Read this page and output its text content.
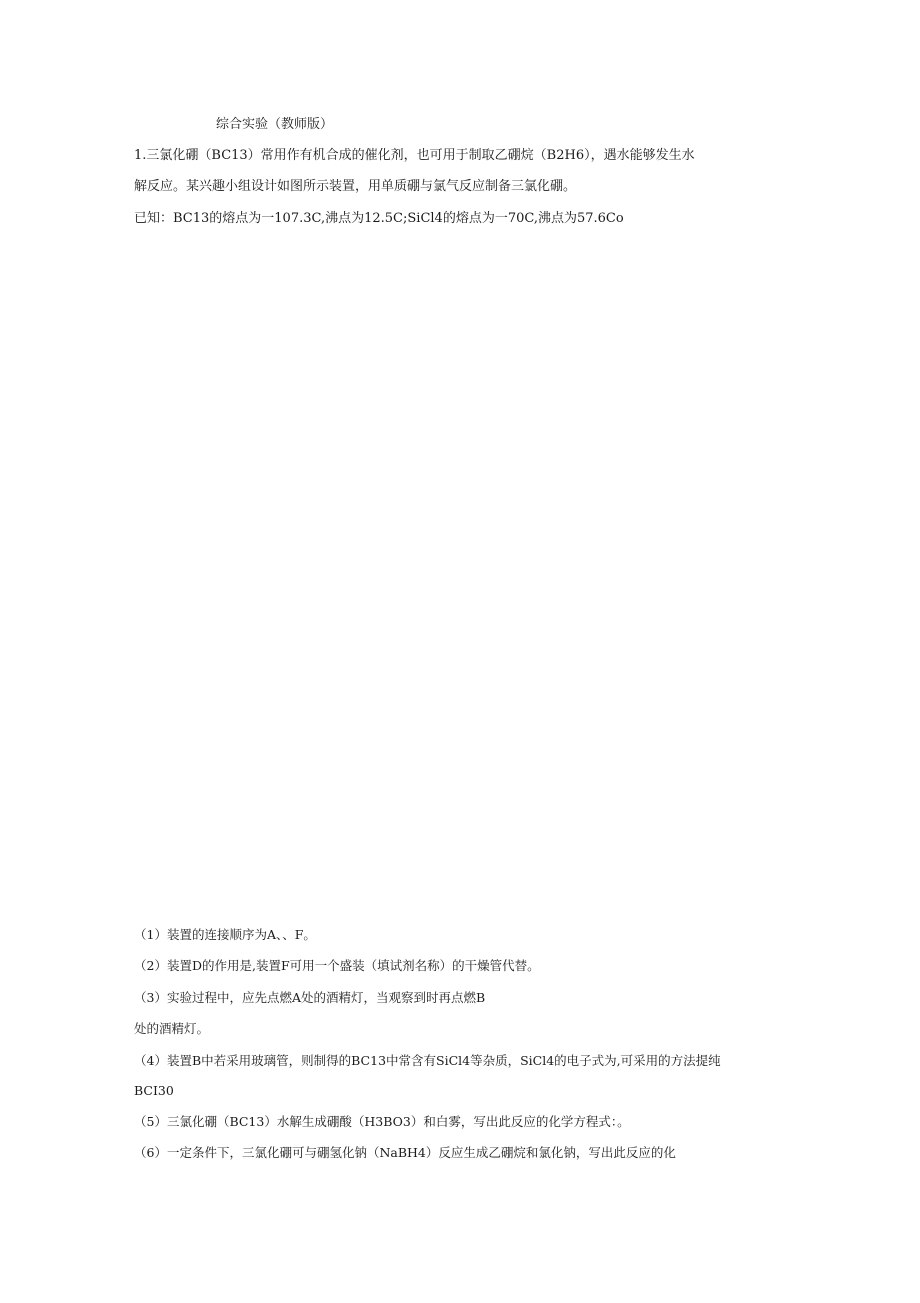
综合实验（教师版）
1.三氯化硼（BC13）常用作有机合成的催化剂，也可用于制取乙硼烷（B2H6），遇水能够发生水
解反应。某兴趣小组设计如图所示装置，用单质硼与氯气反应制备三氯化硼。
已知：BC13的熔点为一107.3C,沸点为12.5C;SiCl4的熔点为一70C,沸点为57.6Co
（1）装置的连接顺序为A、、F。
（2）装置D的作用是,装置F可用一个盛装（填试剂名称）的干燥管代替。
（3）实验过程中，应先点燃A处的酒精灯，当观察到时再点燃B
处的酒精灯。
（4）装置B中若采用玻璃管，则制得的BC13中常含有SiCl4等杂质，SiCl4的电子式为,可采用的方法提纯
BCI30
（5）三氯化硼（BC13）水解生成硼酸（H3BO3）和白雾，写出此反应的化学方程式：。
（6）一定条件下，三氯化硼可与硼氢化钠（NaBH4）反应生成乙硼烷和氯化钠，写出此反应的化
